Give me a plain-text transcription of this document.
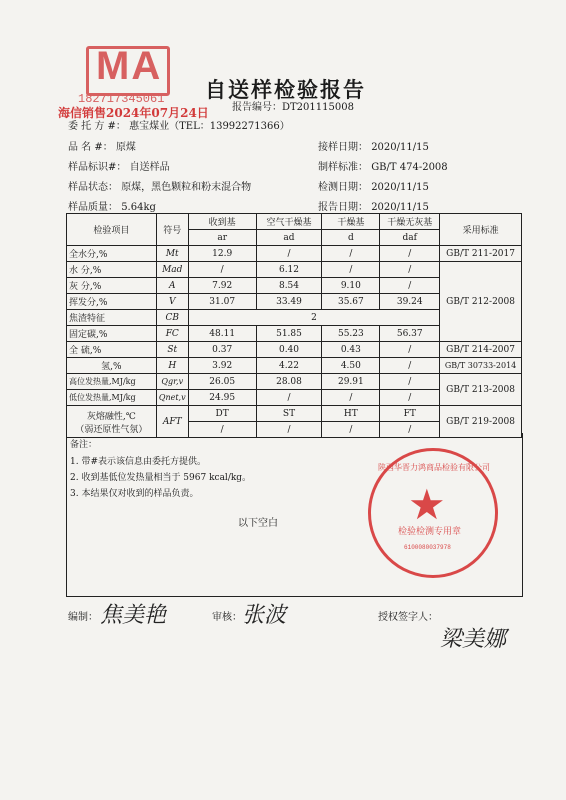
MA
182717345061
海信销售2024年07月24日
自送样检验报告
报告编号：DT201115008
委 托 方 #： 惠宝煤业（TEL：13992271366）
品 名 #： 原煤
样品标识#： 自送样品
样品状态： 原煤，黑色颗粒和粉末混合物
样品质量： 5.64kg
接样日期： 2020/11/15
制样标准： GB/T 474-2008
检测日期： 2020/11/15
报告日期： 2020/11/15
检验项目	符号	收到基	空气干燥基	干燥基	干燥无灰基	采用标准
		ar	ad	d	daf	
全水分,%	Mt	12.9	/	/	/	GB/T 211-2017
水 分,%	Mad	/	6.12	/	/	GB/T 212-2008
灰 分,%	A	7.92	8.54	9.10	/	
挥发分,%	V	31.07	33.49	35.67	39.24	
焦渣特征	CB	2				
固定碳,%	FC	48.11	51.85	55.23	56.37	
全 硫,%	St	0.37	0.40	0.43	/	GB/T 214-2007
氢,%	H	3.92	4.22	4.50	/	GB/T 30733-2014
高位发热量,MJ/kg	Qgr,v	26.05	28.08	29.91	/	GB/T 213-2008
低位发热量,MJ/kg	Qnet,v	24.95	/	/	/	

灰熔融性,℃
（弱还原性气氛）	AFT	DT	ST	HT	FT	GB/T 219-2008
		/	/	/	/	
备注：
1. 带#表示该信息由委托方提供。
2. 收到基低位发热量相当于 5967 kcal/kg。
3. 本结果仅对收到的样品负责。
以下空白
陕西华晋力鸿商品检验有限公司
★
检验检测专用章
6100080037978
编制： 焦美艳	审核： 张波	授权签字人：
梁美娜
